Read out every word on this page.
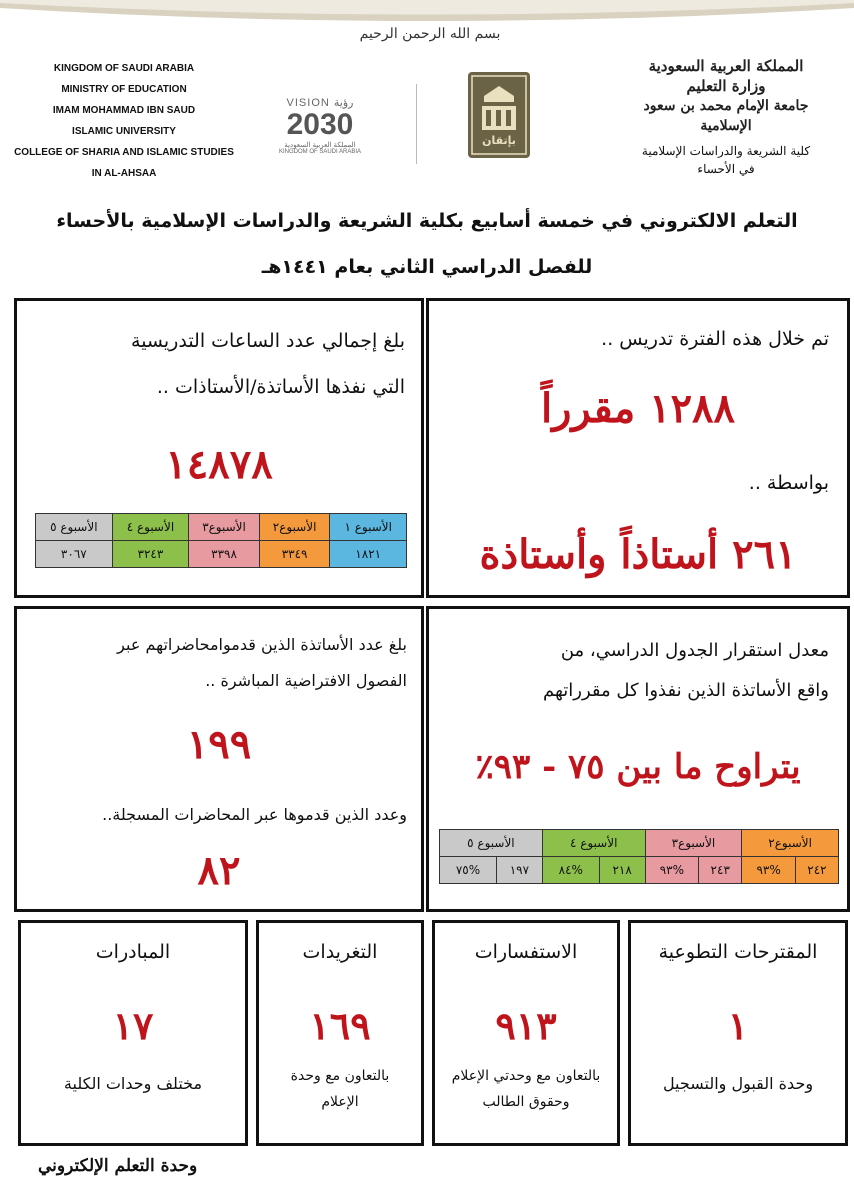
بسم الله الرحمن الرحيم
KINGDOM OF SAUDI ARABIA
MINISTRY OF EDUCATION
IMAM MOHAMMAD IBN SAUD
ISLAMIC UNIVERSITY
COLLEGE OF SHARIA AND ISLAMIC STUDIES
IN AL-AHSAA
VISION رؤية
2030
المملكة العربية السعودية
KINGDOM OF SAUDI ARABIA
بإتقان
المملكة العربية السعودية
وزارة التعليم
جامعة الإمام محمد بن سعود الإسلامية
كلية الشريعة والدراسات الإسلامية
في الأحساء
التعلم الالكتروني في خمسة أسابيع بكلية الشريعة والدراسات الإسلامية بالأحساء
للفصل الدراسي الثاني بعام ١٤٤١هـ
تم خلال هذه الفترة تدريس ..
١٢٨٨ مقرراً
بواسطة ..
٢٦١ أستاذاً وأستاذة
بلغ إجمالي عدد الساعات التدريسية
التي نفذها الأساتذة/الأستاذات ..
١٤٨٧٨
الأسبوع ١	الأسبوع٢	الأسبوع٣	الأسبوع ٤	الأسبوع ٥
١٨٢١	٣٣٤٩	٣٣٩٨	٣٢٤٣	٣٠٦٧
معدل استقرار الجدول الدراسي، من
واقع الأساتذة الذين نفذوا كل مقرراتهم
يتراوح ما بين ٧٥ - ٩٣٪
الأسبوع٢		الأسبوع٣		الأسبوع ٤		الأسبوع ٥	
٢٤٢	%٩٣	٢٤٣	%٩٣	٢١٨	%٨٤	١٩٧	%٧٥
بلغ عدد الأساتذة الذين قدموامحاضراتهم عبر
الفصول الافتراضية المباشرة ..
١٩٩
وعدد الذين قدموها عبر المحاضرات المسجلة..
٨٢
المقترحات التطوعية
١
وحدة القبول والتسجيل
الاستفسارات
٩١٣
بالتعاون مع وحدتي الإعلام وحقوق الطالب
التغريدات
١٦٩
بالتعاون مع وحدة الإعلام
المبادرات
١٧
مختلف وحدات الكلية
وحدة التعلم الإلكتروني
